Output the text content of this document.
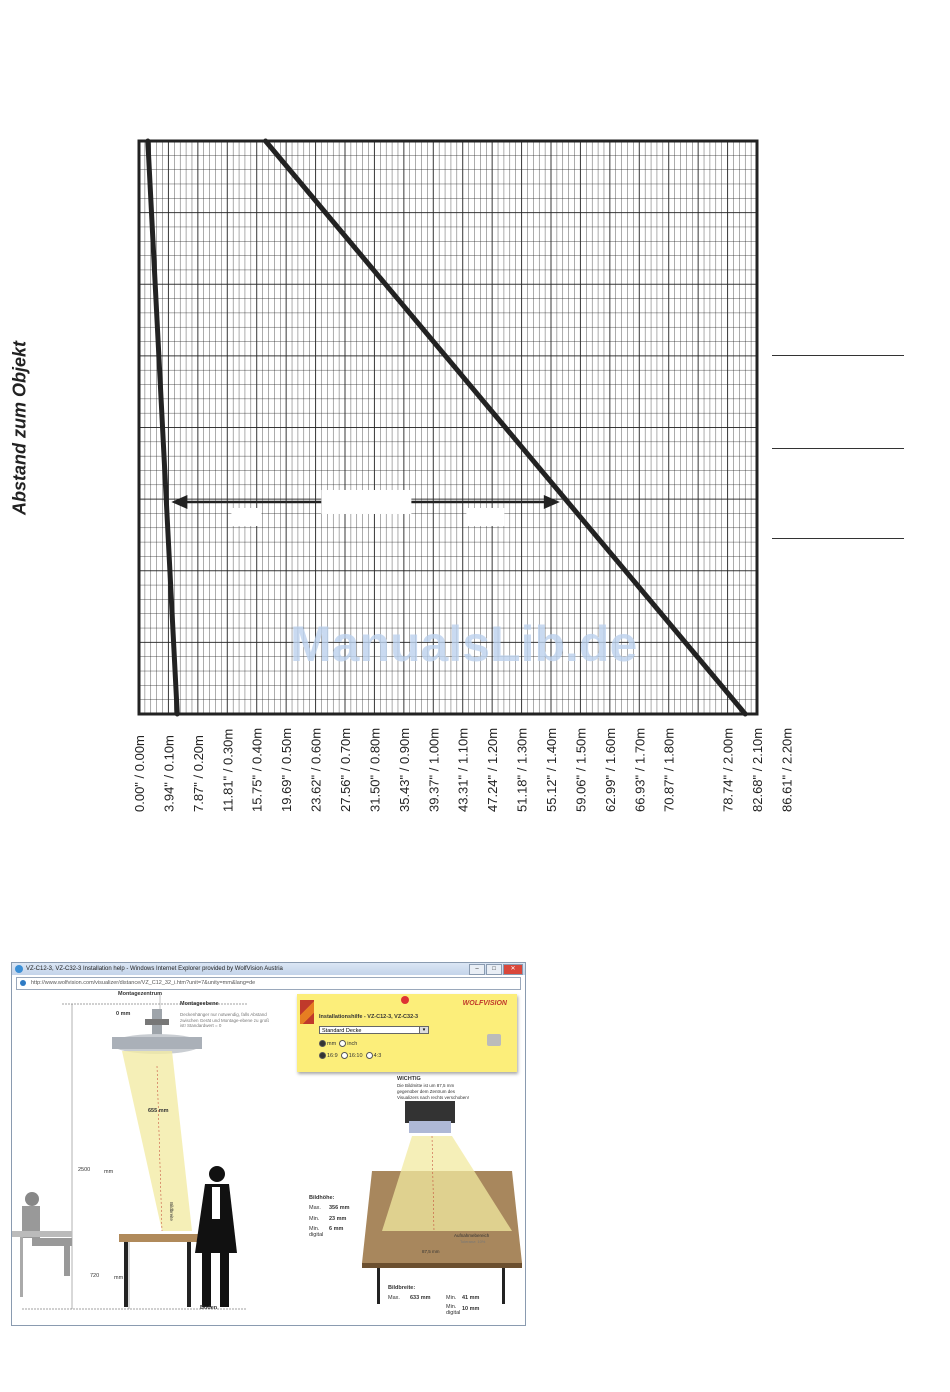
0.00" / 0.00m 3.94" / 0.10m 7.87" / 0.20m 11.81" / 0.30m 15.75" / 0.40m 19.69" / 0.50m 23.62" / 0.60m 27.56" / 0.70m 31.50" / 0.80m 35.43" / 0.90m 39.37" / 1.00m 43.31" / 1.10m 47.24" / 1.20m 51.18" / 1.30m 55.12" / 1.40m 59.06" / 1.50m 62.99" / 1.60m 66.93" / 1.70m 70.87" / 1.80m	78.74" / 2.00m 82.68" / 2.10m 86.61" / 2.20m
Abstand zum Objekt
ManualsLib.de
VZ-C12-3, VZ-C32-3 Installation help - Windows Internet Explorer provided by WolfVision Austria	–	□	✕
http://www.wolfvision.com/visualizer/distance/VZ_C12_32_i.htm?unit=7&unity=mm&lang=de
Montagezentrum
Montageebene
0 mm	Deckenhänger nur notwendig, falls Abstand zwischen Gerät und Montage-ebene zu groß ist! Standardwert = 0
655 mm
2500	mm
720	mm
Boden
Bildbreite
WOLFVISION
Installationshilfe - VZ-C12-3, VZ-C32-3
Standard Decke	▾
mm inch
16:9 16:10 4:3
WICHTIG
Die Bildmitte ist um 87,5 mm
gegenüber dem Zentrum des
Visualizers nach rechts verschoben!
Bildhöhe:
Max. 356 mm
Min. 23 mm
Min. digital
6 mm
87,5 mm
Aufnahmebereich
Toleranz: 10%
Bildbreite:
Max. 633 mm	Min. 41 mm
Min. digital
10 mm
